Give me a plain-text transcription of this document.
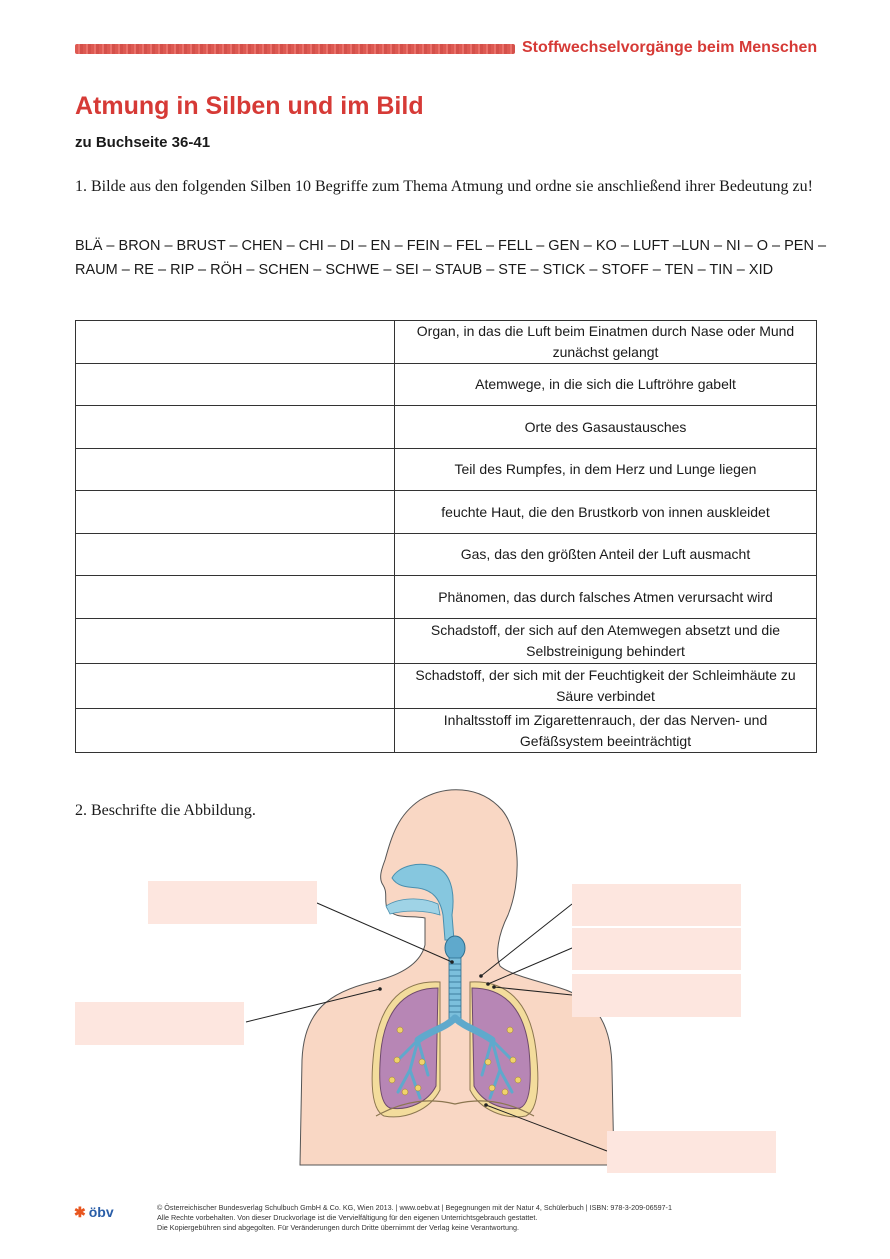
Stoffwechselvorgänge beim Menschen
Atmung in Silben und im Bild
zu Buchseite 36-41
1. Bilde aus den folgenden Silben 10 Begriffe zum Thema Atmung und ordne sie anschließend ihrer Bedeutung zu!
BLÄ – BRON – BRUST – CHEN – CHI – DI – EN – FEIN – FEL – FELL – GEN – KO – LUFT –LUN – NI – O – PEN –
RAUM – RE – RIP – RÖH – SCHEN – SCHWE – SEI – STAUB – STE – STICK – STOFF – TEN – TIN – XID
	Organ, in das die Luft beim Einatmen durch Nase oder Mund zunächst gelangt
	Atemwege, in die sich die Luftröhre gabelt
	Orte des Gasaustausches
	Teil des Rumpfes, in dem Herz und Lunge liegen
	feuchte Haut, die den Brustkorb von innen auskleidet
	Gas, das den größten Anteil der Luft ausmacht
	Phänomen, das durch falsches Atmen verursacht wird
	Schadstoff, der sich auf den Atemwegen absetzt und die Selbstreinigung behindert
	Schadstoff, der sich mit der Feuchtigkeit der Schleimhäute zu Säure verbindet
	Inhaltsstoff im Zigarettenrauch, der das Nerven- und Gefäßsystem beeinträchtigt
2. Beschrifte die Abbildung.
✱ öbv	© Österreichischer Bundesverlag Schulbuch GmbH & Co. KG, Wien 2013. | www.oebv.at | Begegnungen mit der Natur 4, Schülerbuch | ISBN: 978-3-209-06597-1
Alle Rechte vorbehalten. Von dieser Druckvorlage ist die Vervielfältigung für den eigenen Unterrichtsgebrauch gestattet.
Die Kopiergebühren sind abgegolten. Für Veränderungen durch Dritte übernimmt der Verlag keine Verantwortung.
